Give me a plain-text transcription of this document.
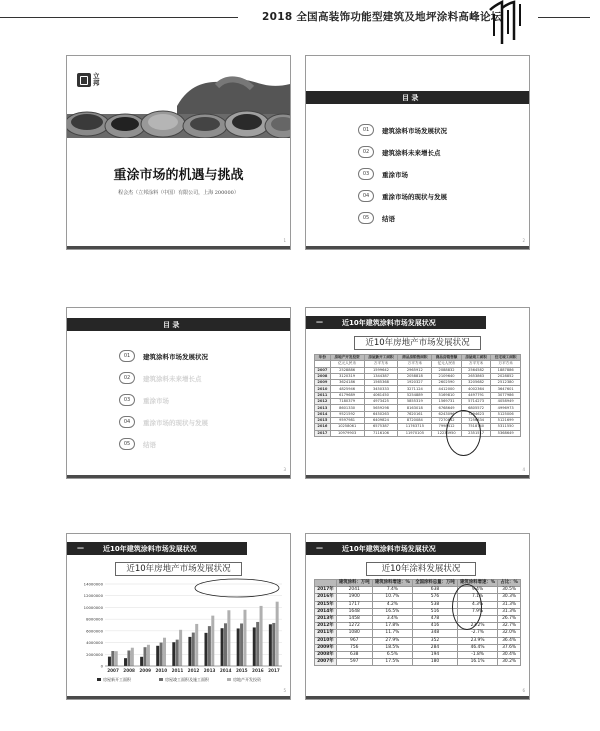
2018 全国高装饰功能型建筑及地坪涂料高峰论坛
立邦
重涂市场的机遇与挑战
程会杰（立邦涂料（中国）有限公司，上海 200000）
1
目 录
01	建筑涂料市场发展状况
02	建筑涂料未来增长点
03	重涂市场
04	重涂市场的现状与发展
05	结语
2
目 录
01	建筑涂料市场发展状况
02	建筑涂料未来增长点
03	重涂市场
04	重涂市场的现状与发展
05	结语
3
—	近10年建筑涂料市场发展状况
近10年房地产市场发展状况
年份	房地产开发投资	房屋新开工面积	商品房销售面积	商品房销售额	房屋竣工面积	住宅竣工面积
	亿元人民币	万平方米	万平方米	亿元人民币	万平方米	万平方米
2007	2528886	1599642	2965912	2088832	2564582	1887886
2008	3120319	1344387	2058818	2109640	2653863	2028852
2009	3624186	1565368	1920327	2602590	3205682	2512380
2010	4825946	3450333	3271124	4412000	4002364	3647601
2011	6179689	4061450	5254889	5169810	4497791	3077986
2012	7180379	4973425	5855319	1569731	5714273	4058949
2013	8601330	5659298	8163018	6768649	6805572	4996973
2014	9521592	6450263	7620161	6243096	7294623	5125006
2015	9597981	6409824	8720084	7270842	7256834	5121699
2016	10258061	6575387	11763715	7998412	7518740	5311550
2017	10979903	7116106	11970105	12233950	2351517	5368649
4
—	近10年建筑涂料市场发展状况
近10年房地产市场发展状况
14000000
12000000
10000000
8000000
6000000
4000000
2000000
0
2007 2008 2009 2010 2011 2012 2013 2014 2015 2016 2017
房屋新开工面积	房屋竣工面积及施工面积	房地产开发投资
5
—	近10年建筑涂料市场发展状况
近10年涂料发展状况
	建筑涂料：万吨	建筑涂料增速：%	全国涂料总量：万吨	建筑涂料增速：%	占比：%
2017年	2041	7.4%	638	9.4%	30.5%
2016年	1900	10.7%	576	7.1%	30.3%
2015年	1717	4.2%	538	4.3%	31.3%
2014年	1648	16.5%	516	7.9%	31.3%
2013年	1458	3.4%	478		26.7%
2012年	1272	17.8%	416	23.2%	32.7%
2011年	1080	11.7%	348	-2.7%	32.0%
2010年	967	27.9%	352	23.9%	36.4%
2009年	756	18.5%	284	46.4%	37.6%
2008年	638	6.5%	194	-1.8%	30.4%
2007年	597	17.5%	180	16.1%	30.2%
6
